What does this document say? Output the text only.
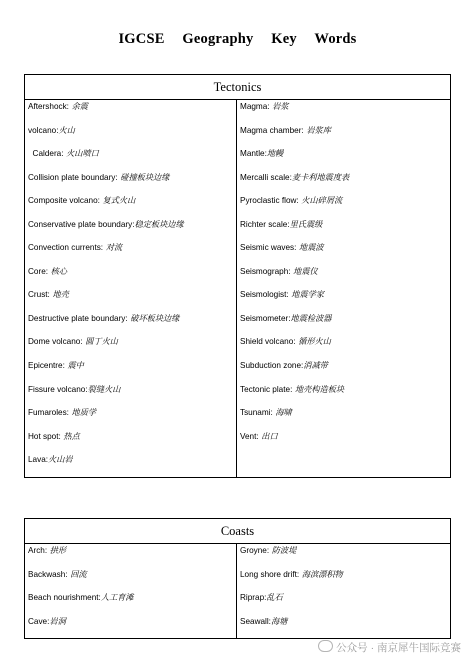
IGCSE Geography Key Words
Tectonics

Aftershock: 余震
volcano:火山
Caldera: 火山喷口
Collision plate boundary: 碰撞板块边缘
Composite volcano: 复式火山
Conservative plate boundary:稳定板块边缘
Convection currents: 对流
Core: 核心
Crust: 地壳
Destructive plate boundary: 破坏板块边缘
Dome volcano: 圆丁火山
Epicentre: 震中
Fissure volcano:裂缝火山
Fumaroles: 地质学
Hot spot: 热点
Lava:火山岩

Magma: 岩浆
Magma chamber: 岩浆库
Mantle:地幔
Mercalli scale:麦卡利地震度表
Pyroclastic flow: 火山碎屑流
Richter scale:里氏震级
Seismic waves: 地震波
Seismograph: 地震仪
Seismologist: 地震学家
Seismometer:地震检波器
Shield volcano: 循形火山
Subduction zone:消减带
Tectonic plate: 地壳构造板块
Tsunami: 海啸
Vent: 出口
Coasts

Arch: 拱形
Backwash: 回流
Beach nourishment:人工育滩
Cave:岩洞

Groyne: 防波堤
Long shore drift: 海滨漂积物
Riprap:乱石
Seawall:海塘
公众号 · 南京犀牛国际竞赛
